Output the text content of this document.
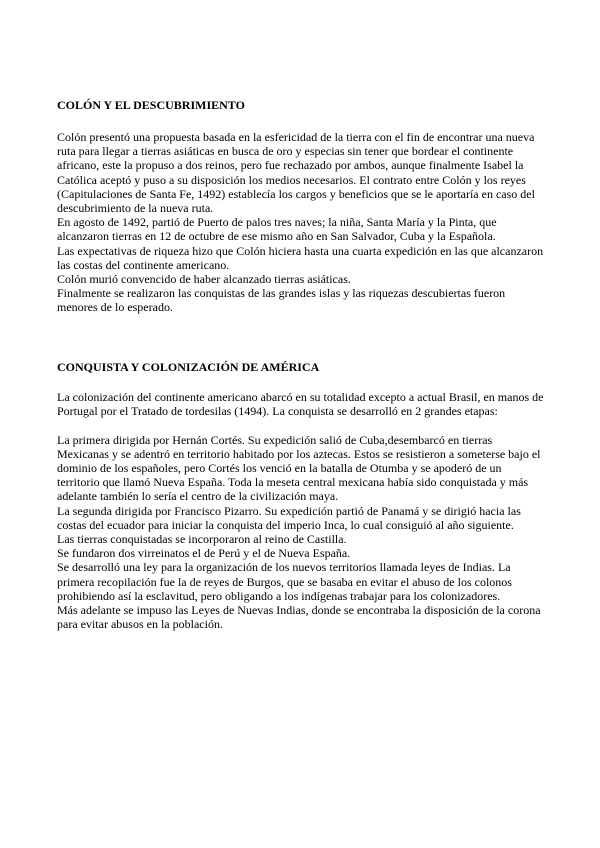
COLÓN Y EL DESCUBRIMIENTO

Colón presentó una propuesta basada en la esfericidad de la tierra con el fin de encontrar una nueva ruta para llegar a tierras asiáticas en busca de oro y especias sin tener que bordear el continente africano, este la propuso a dos reinos, pero fue rechazado por ambos, aunque finalmente Isabel la Católica aceptó y puso a su disposición los medios necesarios. El contrato entre Colón y los reyes (Capitulaciones de Santa Fe, 1492) establecía los cargos y beneficios que se le aportaría en caso del descubrimiento de la nueva ruta.

En agosto de 1492, partió de Puerto de palos tres naves; la niña, Santa María y la Pinta, que alcanzaron tierras en 12 de octubre de ese mismo año en San Salvador, Cuba y la Española.

Las expectativas de riqueza hizo que Colón hiciera hasta una cuarta expedición en las que alcanzaron las costas del continente americano.

Colón murió convencido de haber alcanzado tierras asiáticas.

Finalmente se realizaron las conquistas de las grandes islas y las riquezas descubiertas fueron menores de lo esperado.

CONQUISTA Y COLONIZACIÓN DE AMÉRICA

La colonización del continente americano abarcó en su totalidad excepto a actual Brasil, en manos de Portugal por el Tratado de tordesilas (1494). La conquista se desarrolló en 2 grandes etapas:

La primera dirigida por Hernán Cortés. Su expedición salió de Cuba,desembarcó en tierras Mexicanas y se adentró en territorio habitado por los aztecas. Estos se resistieron a someterse bajo el dominio de los españoles, pero Cortés los venció en la batalla de Otumba y se apoderó de un territorio que llamó Nueva España. Toda la meseta central mexicana había sido conquistada y más adelante también lo sería el centro de la civilización maya.

La segunda dirigida por Francisco Pizarro. Su expedición partió de Panamá y se dirigió hacia las costas del ecuador para iniciar la conquista del imperio Inca, lo cual consiguió al año siguiente.

Las tierras conquistadas se incorporaron al reino de Castilla.

Se fundaron dos virreinatos el de Perú y el de Nueva España.

Se desarrolló una ley para la organización de los nuevos territorios llamada leyes de Indias. La primera recopilación fue la de reyes de Burgos, que se basaba en evitar el abuso de los colonos prohibiendo así la esclavitud, pero obligando a los indígenas trabajar para los colonizadores.

Más adelante se impuso las Leyes de Nuevas Indias, donde se encontraba la disposición de la corona para evitar abusos en la población.
